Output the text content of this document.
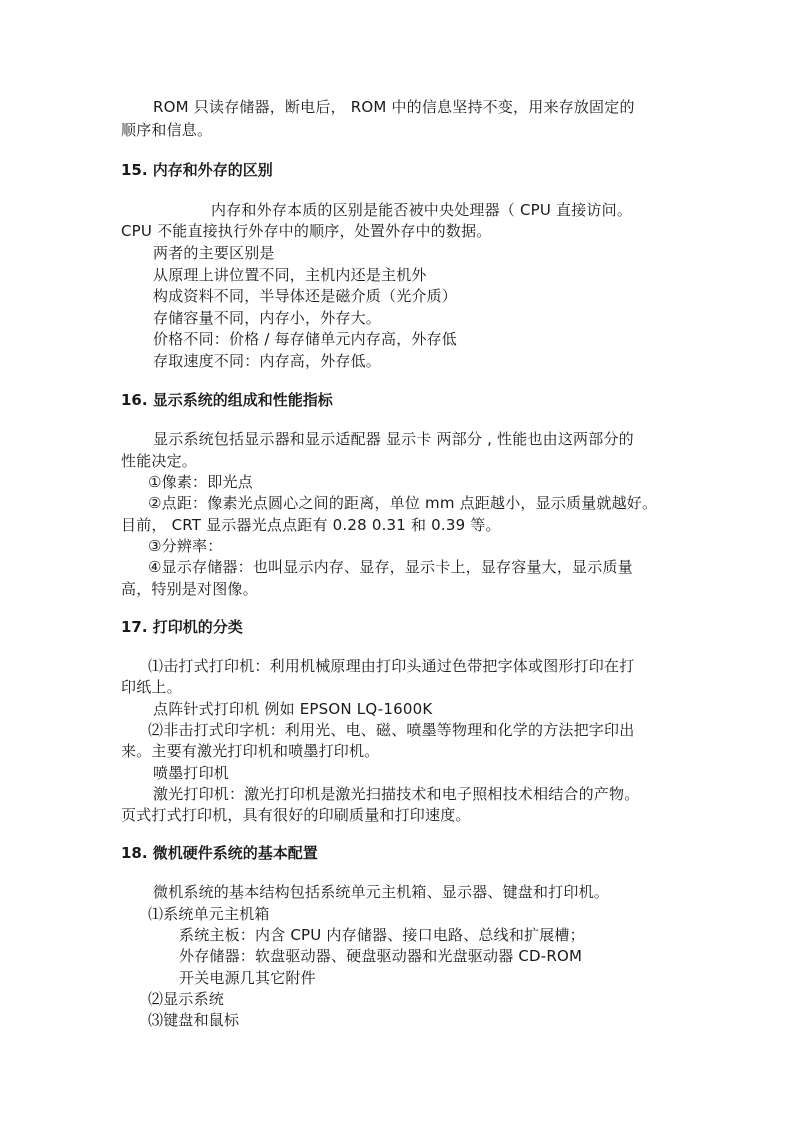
ROM 只读存储器，断电后， ROM 中的信息坚持不变，用来存放固定的
顺序和信息。
15. 内存和外存的区别
内存和外存本质的区别是能否被中央处理器（ CPU 直接访问。
CPU 不能直接执行外存中的顺序，处置外存中的数据。
两者的主要区别是
从原理上讲位置不同，主机内还是主机外
构成资料不同，半导体还是磁介质（光介质）
存储容量不同，内存小，外存大。
价格不同：价格 / 每存储单元内存高，外存低
存取速度不同：内存高，外存低。
16. 显示系统的组成和性能指标
显示系统包括显示器和显示适配器 显示卡 两部分 , 性能也由这两部分的
性能决定。
①像素：即光点
②点距：像素光点圆心之间的距离，单位 mm 点距越小，显示质量就越好。
目前， CRT 显示器光点点距有 0.28 0.31 和 0.39 等。
③分辨率：
④显示存储器：也叫显示内存、显存，显示卡上，显存容量大，显示质量
高，特别是对图像。
17. 打印机的分类
⑴击打式打印机：利用机械原理由打印头通过色带把字体或图形打印在打
印纸上。
点阵针式打印机 例如 EPSON LQ-1600K
⑵非击打式印字机：利用光、电、磁、喷墨等物理和化学的方法把字印出
来。主要有激光打印机和喷墨打印机。
喷墨打印机
激光打印机：激光打印机是激光扫描技术和电子照相技术相结合的产物。
页式打式打印机，具有很好的印刷质量和打印速度。
18. 微机硬件系统的基本配置
微机系统的基本结构包括系统单元主机箱、显示器、键盘和打印机。
⑴系统单元主机箱
系统主板：内含 CPU 内存储器、接口电路、总线和扩展槽；
外存储器：软盘驱动器、硬盘驱动器和光盘驱动器 CD-ROM
开关电源几其它附件
⑵显示系统
⑶键盘和鼠标
